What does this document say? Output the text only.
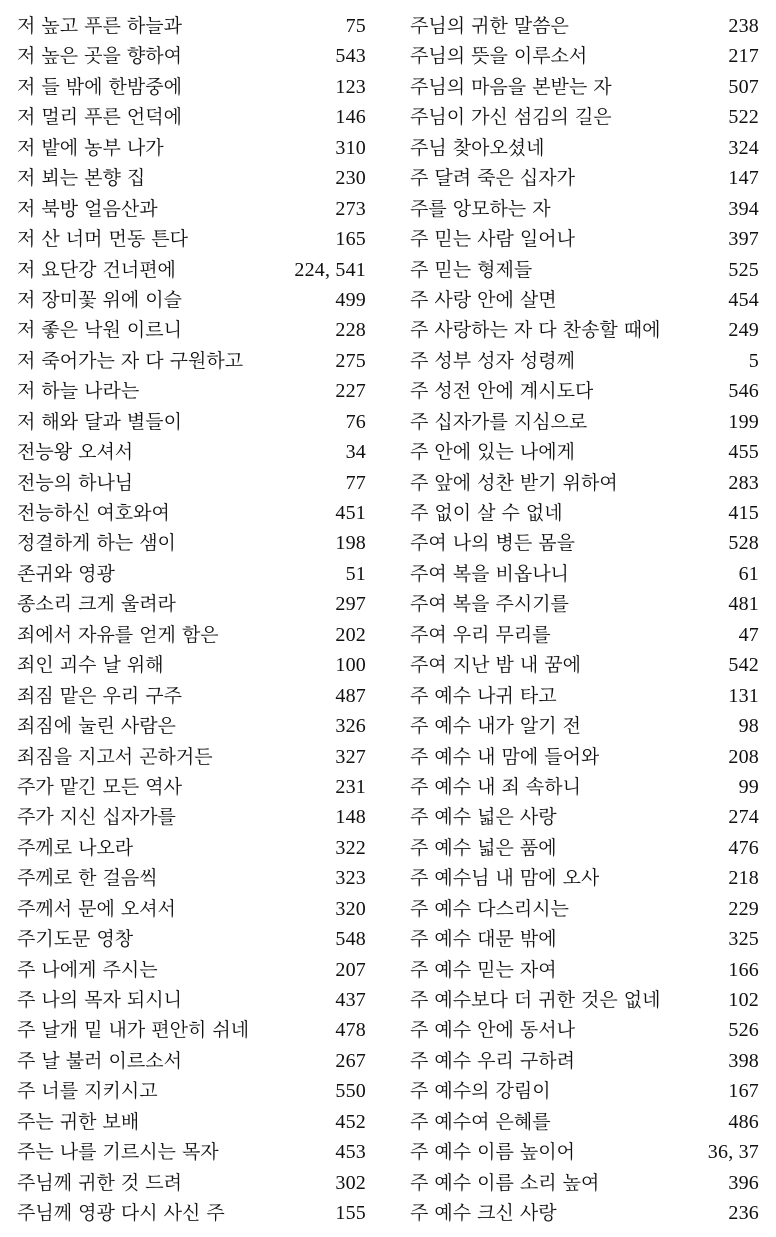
저 높고 푸른 하늘과	75
저 높은 곳을 향하여	543
저 들 밖에 한밤중에	123
저 멀리 푸른 언덕에	146
저 밭에 농부 나가	310
저 뵈는 본향 집	230
저 북방 얼음산과	273
저 산 너머 먼동 튼다	165
저 요단강 건너편에	224, 541
저 장미꽃 위에 이슬	499
저 좋은 낙원 이르니	228
저 죽어가는 자 다 구원하고	275
저 하늘 나라는	227
저 해와 달과 별들이	76
전능왕 오셔서	34
전능의 하나님	77
전능하신 여호와여	451
정결하게 하는 샘이	198
존귀와 영광	51
종소리 크게 울려라	297
죄에서 자유를 얻게 함은	202
죄인 괴수 날 위해	100
죄짐 맡은 우리 구주	487
죄짐에 눌린 사람은	326
죄짐을 지고서 곤하거든	327
주가 맡긴 모든 역사	231
주가 지신 십자가를	148
주께로 나오라	322
주께로 한 걸음씩	323
주께서 문에 오셔서	320
주기도문 영창	548
주 나에게 주시는	207
주 나의 목자 되시니	437
주 날개 밑 내가 편안히 쉬네	478
주 날 불러 이르소서	267
주 너를 지키시고	550
주는 귀한 보배	452
주는 나를 기르시는 목자	453
주님께 귀한 것 드려	302
주님께 영광 다시 사신 주	155
주님의 귀한 말씀은	238
주님의 뜻을 이루소서	217
주님의 마음을 본받는 자	507
주님이 가신 섬김의 길은	522
주님 찾아오셨네	324
주 달려 죽은 십자가	147
주를 앙모하는 자	394
주 믿는 사람 일어나	397
주 믿는 형제들	525
주 사랑 안에 살면	454
주 사랑하는 자 다 찬송할 때에	249
주 성부 성자 성령께	5
주 성전 안에 계시도다	546
주 십자가를 지심으로	199
주 안에 있는 나에게	455
주 앞에 성찬 받기 위하여	283
주 없이 살 수 없네	415
주여 나의 병든 몸을	528
주여 복을 비옵나니	61
주여 복을 주시기를	481
주여 우리 무리를	47
주여 지난 밤 내 꿈에	542
주 예수 나귀 타고	131
주 예수 내가 알기 전	98
주 예수 내 맘에 들어와	208
주 예수 내 죄 속하니	99
주 예수 넓은 사랑	274
주 예수 넓은 품에	476
주 예수님 내 맘에 오사	218
주 예수 다스리시는	229
주 예수 대문 밖에	325
주 예수 믿는 자여	166
주 예수보다 더 귀한 것은 없네	102
주 예수 안에 동서나	526
주 예수 우리 구하려	398
주 예수의 강림이	167
주 예수여 은혜를	486
주 예수 이름 높이어	36, 37
주 예수 이름 소리 높여	396
주 예수 크신 사랑	236
